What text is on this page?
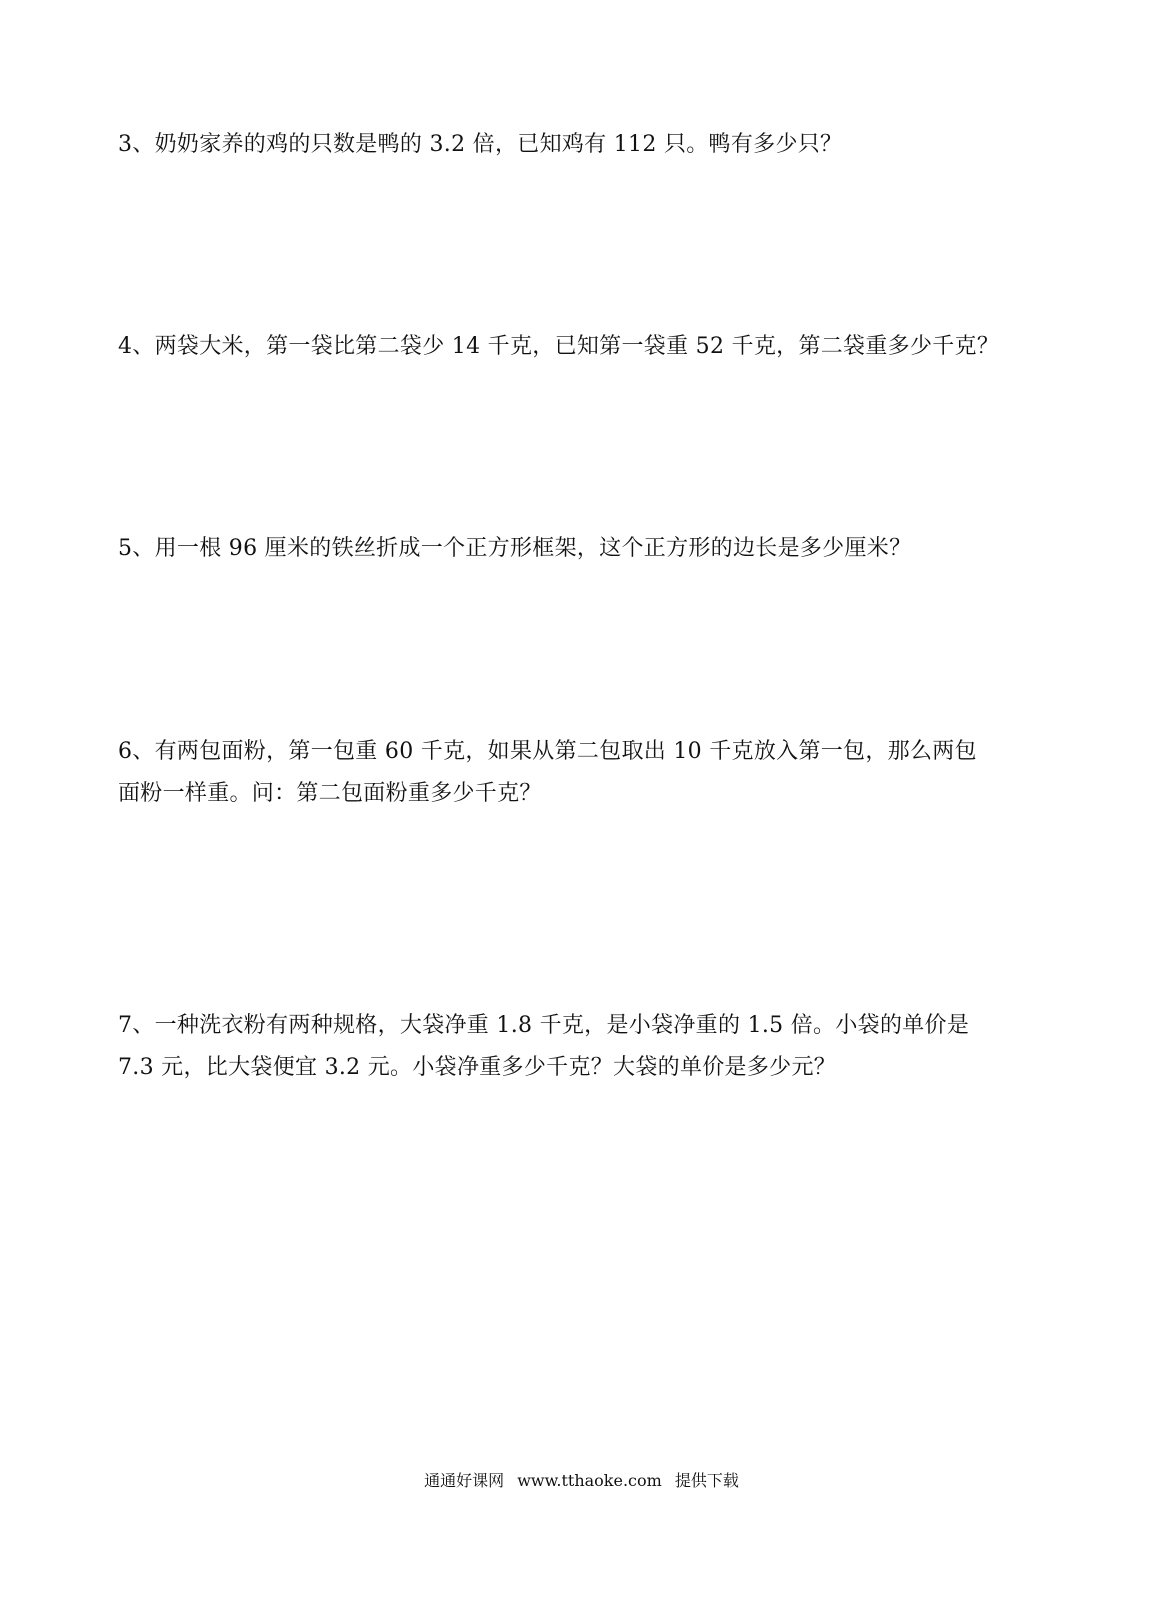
3、奶奶家养的鸡的只数是鸭的 3.2 倍，已知鸡有 112 只。鸭有多少只？
4、两袋大米，第一袋比第二袋少 14 千克，已知第一袋重 52 千克，第二袋重多少千克？
5、用一根 96 厘米的铁丝折成一个正方形框架，这个正方形的边长是多少厘米？
6、有两包面粉，第一包重 60 千克，如果从第二包取出 10 千克放入第一包，那么两包
面粉一样重。问：第二包面粉重多少千克？
7、一种洗衣粉有两种规格，大袋净重 1.8 千克，是小袋净重的 1.5 倍。小袋的单价是
7.3 元，比大袋便宜 3.2 元。小袋净重多少千克？大袋的单价是多少元？
通通好课网 www.tthaoke.com 提供下载
